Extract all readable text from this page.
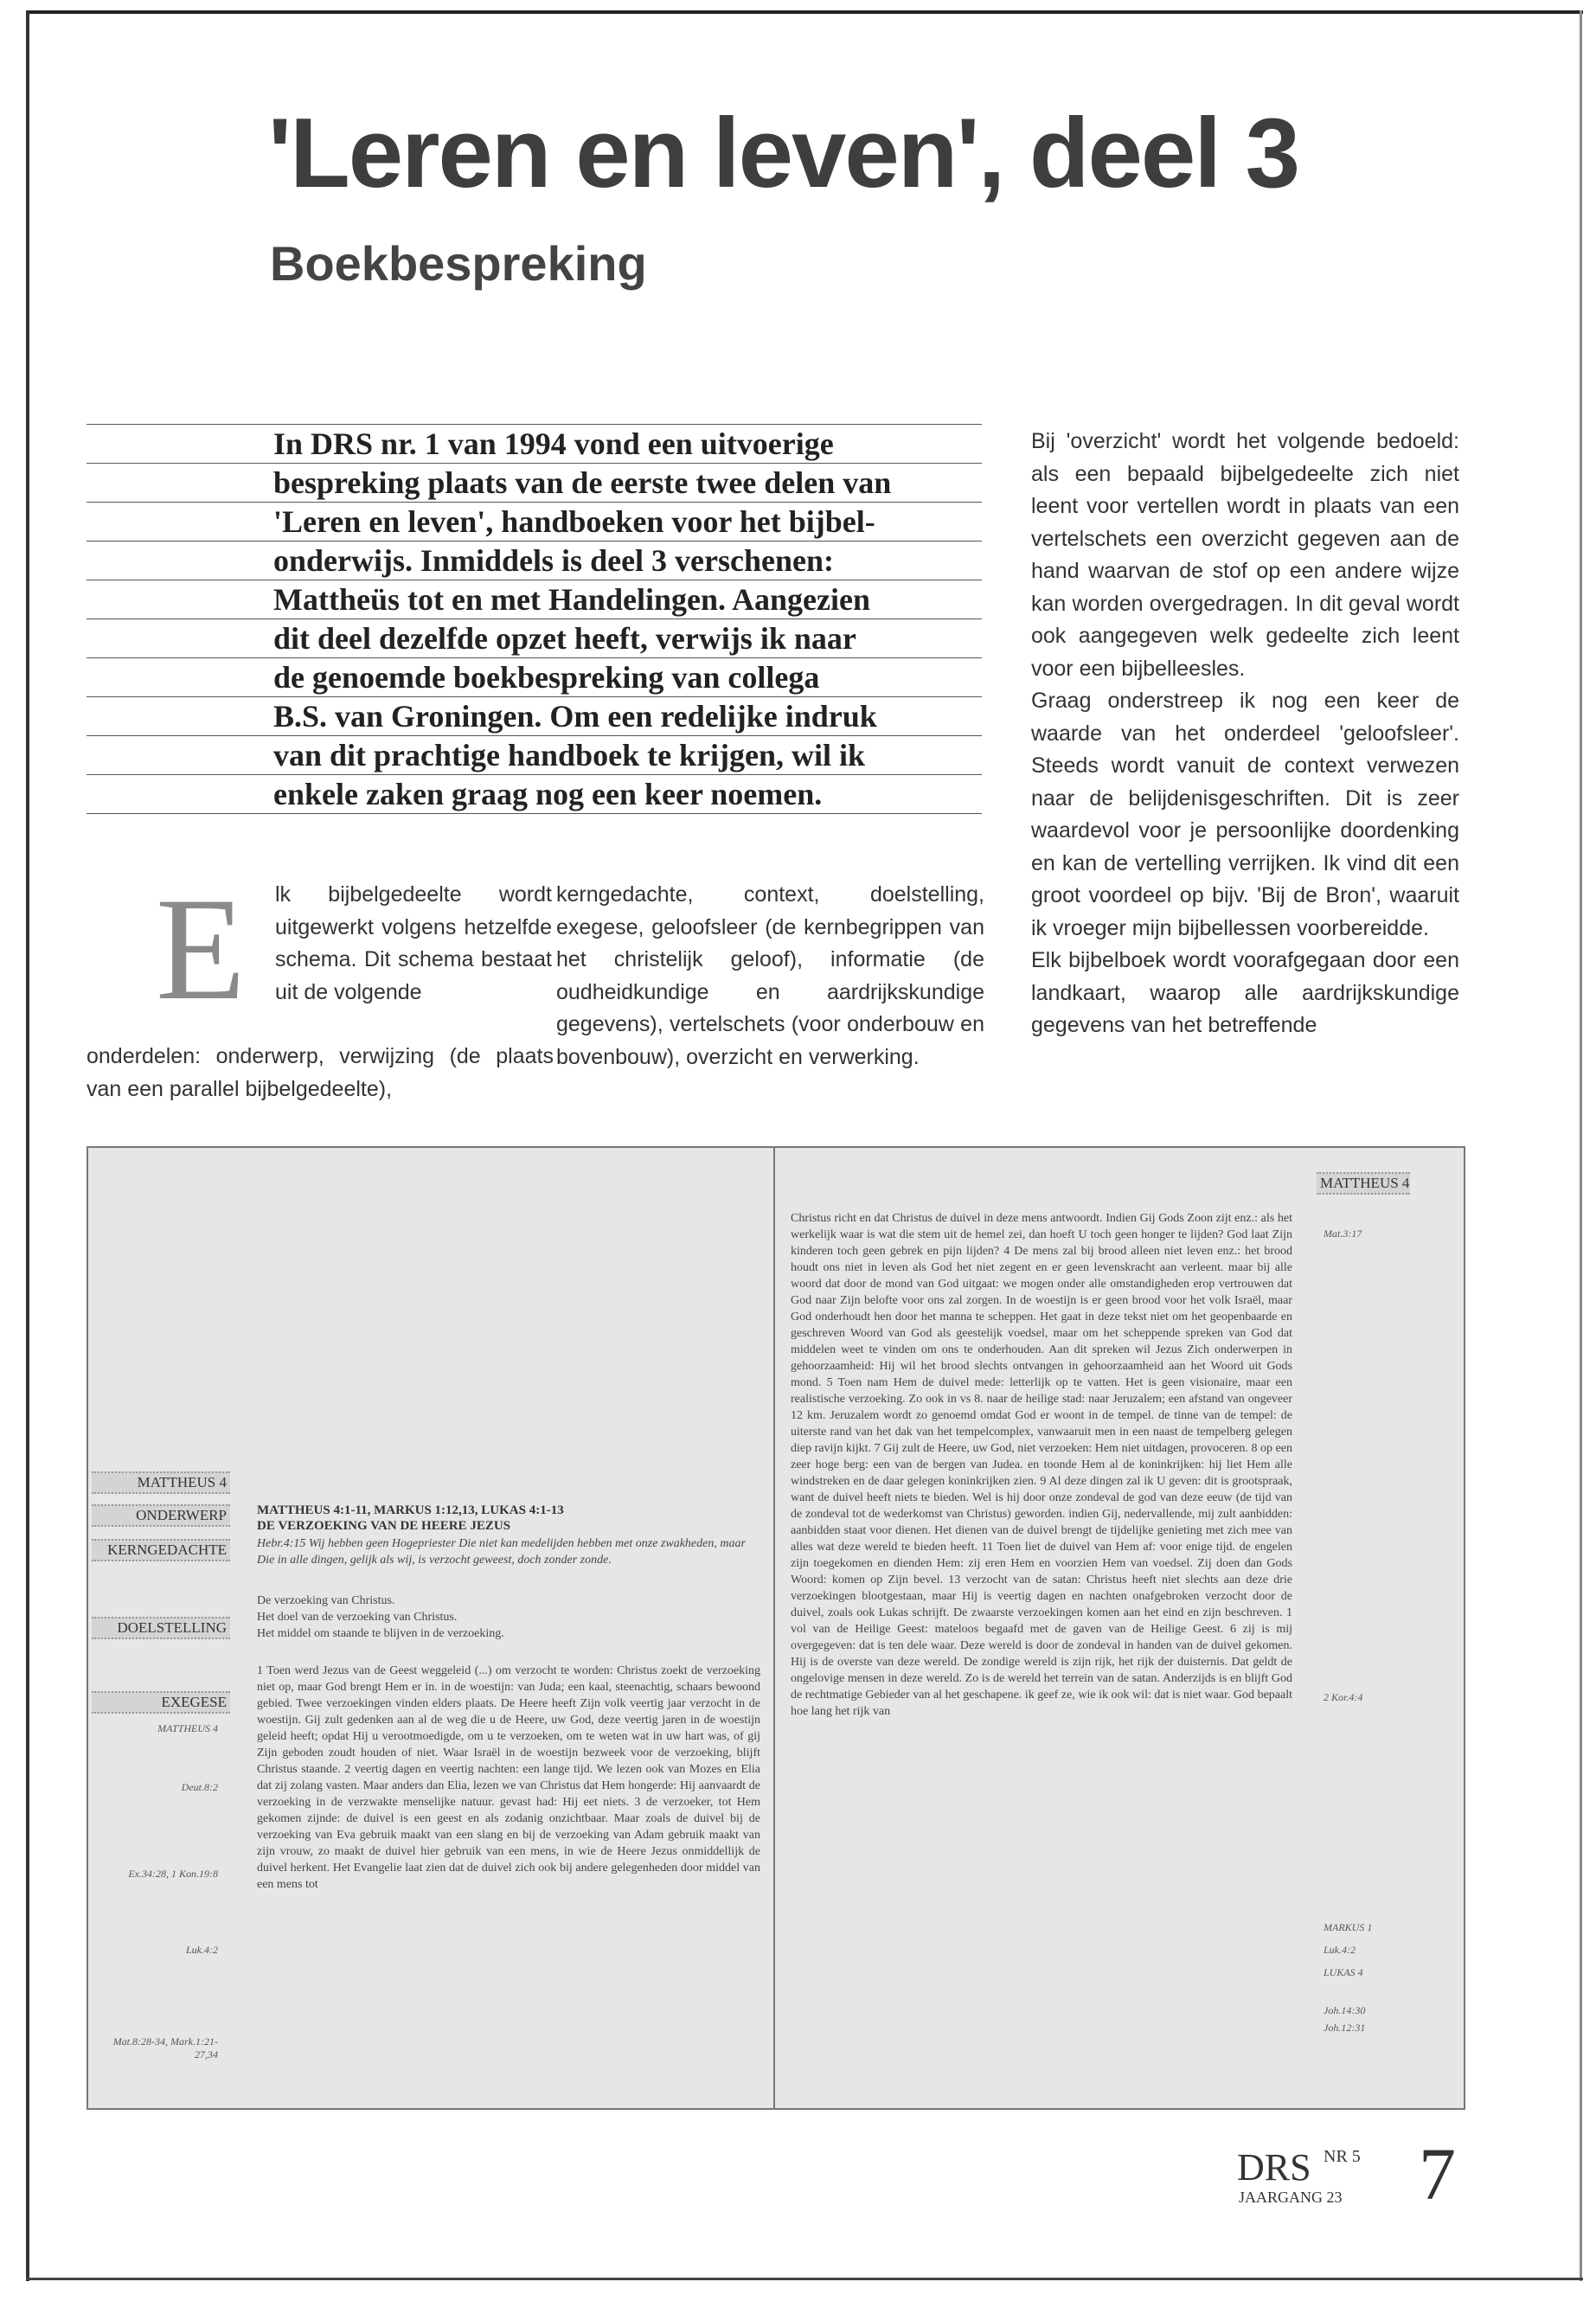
'Leren en leven', deel 3
Boekbespreking
In DRS nr. 1 van 1994 vond een uitvoerige
bespreking plaats van de eerste twee delen van
'Leren en leven', handboeken voor het bijbel-
onderwijs. Inmiddels is deel 3 verschenen:
Mattheüs tot en met Handelingen. Aangezien
dit deel dezelfde opzet heeft, verwijs ik naar
de genoemde boekbespreking van collega
B.S. van Groningen. Om een redelijke indruk
van dit prachtige handboek te krijgen, wil ik
enkele zaken graag nog een keer noemen.

E lk bijbelgedeelte wordt uitgewerkt volgens hetzelfde schema. Dit schema bestaat uit de volgende

onderdelen: onderwerp, verwijzing (de plaats van een parallel bijbelgedeelte),

kerngedachte, context, doelstelling, exegese, geloofsleer (de kernbegrippen van het christelijk geloof), informatie (de oudheidkundige en aardrijkskundige gegevens), vertelschets (voor onderbouw en bovenbouw), overzicht en verwerking.

Bij 'overzicht' wordt het volgende bedoeld: als een bepaald bijbelgedeelte zich niet leent voor vertellen wordt in plaats van een vertelschets een overzicht gegeven aan de hand waarvan de stof op een andere wijze kan worden overgedragen. In dit geval wordt ook aangegeven welk gedeelte zich leent voor een bijbelleesles.

Graag onderstreep ik nog een keer de waarde van het onderdeel 'geloofsleer'. Steeds wordt vanuit de context verwezen naar de belijdenisgeschriften. Dit is zeer waardevol voor je persoonlijke doordenking en kan de vertelling verrijken. Ik vind dit een groot voordeel op bijv. 'Bij de Bron', waaruit ik vroeger mijn bijbellessen voorbereidde.

Elk bijbelboek wordt voorafgegaan door een landkaart, waarop alle aardrijkskundige gegevens van het betreffende

MATTHEUS 4
ONDERWERP
KERNGEDACHTE
DOELSTELLING
EXEGESE
MATTHEUS 4
MATTHEUS 4:1-11, MARKUS 1:12,13, LUKAS 4:1-13
DE VERZOEKING VAN DE HEERE JEZUS

Hebr.4:15 Wij hebben geen Hogepriester Die niet kan medelijden hebben met onze zwakheden, maar Die in alle dingen, gelijk als wij, is verzocht geweest, doch zonder zonde.

De verzoeking van Christus.

Het doel van de verzoeking van Christus.

Het middel om staande te blijven in de verzoeking.

1 Toen werd Jezus van de Geest weggeleid (...) om verzocht te worden: Christus zoekt de verzoeking niet op, maar God brengt Hem er in. in de woestijn: van Juda; een kaal, steenachtig, schaars bewoond gebied. Twee verzoekingen vinden elders plaats. De Heere heeft Zijn volk veertig jaar verzocht in de woestijn. Gij zult gedenken aan al de weg die u de Heere, uw God, deze veertig jaren in de woestijn geleid heeft; opdat Hij u verootmoedigde, om u te verzoeken, om te weten wat in uw hart was, of gij Zijn geboden zoudt houden of niet. Waar Israël in de woestijn bezweek voor de verzoeking, blijft Christus staande. 2 veertig dagen en veertig nachten: een lange tijd. We lezen ook van Mozes en Elia dat zij zolang vasten. Maar anders dan Elia, lezen we van Christus dat Hem hongerde: Hij aanvaardt de verzoeking in de verzwakte menselijke natuur. gevast had: Hij eet niets. 3 de verzoeker, tot Hem gekomen zijnde: de duivel is een geest en als zodanig onzichtbaar. Maar zoals de duivel bij de verzoeking van Eva gebruik maakt van een slang en bij de verzoeking van Adam gebruik maakt van zijn vrouw, zo maakt de duivel hier gebruik van een mens, in wie de Heere Jezus onmiddellijk de duivel herkent. Het Evangelie laat zien dat de duivel zich ook bij andere gelegenheden door middel van een mens tot

MATTHEUS 4
Deut.8:2
Ex.34:28, 1 Kon.19:8
Luk.4:2
Mat.8:28-34, Mark.1:21-27,34

Christus richt en dat Christus de duivel in deze mens antwoordt. Indien Gij Gods Zoon zijt enz.: als het werkelijk waar is wat die stem uit de hemel zei, dan hoeft U toch geen honger te lijden? God laat Zijn kinderen toch geen gebrek en pijn lijden? 4 De mens zal bij brood alleen niet leven enz.: het brood houdt ons niet in leven als God het niet zegent en er geen levenskracht aan verleent. maar bij alle woord dat door de mond van God uitgaat: we mogen onder alle omstandigheden erop vertrouwen dat God naar Zijn belofte voor ons zal zorgen. In de woestijn is er geen brood voor het volk Israël, maar God onderhoudt hen door het manna te scheppen. Het gaat in deze tekst niet om het geopenbaarde en geschreven Woord van God als geestelijk voedsel, maar om het scheppende spreken van God dat middelen weet te vinden om ons te onderhouden. Aan dit spreken wil Jezus Zich onderwerpen in gehoorzaamheid: Hij wil het brood slechts ontvangen in gehoorzaamheid aan het Woord uit Gods mond. 5 Toen nam Hem de duivel mede: letterlijk op te vatten. Het is geen visionaire, maar een realistische verzoeking. Zo ook in vs 8. naar de heilige stad: naar Jeruzalem; een afstand van ongeveer 12 km. Jeruzalem wordt zo genoemd omdat God er woont in de tempel. de tinne van de tempel: de uiterste rand van het dak van het tempelcomplex, vanwaaruit men in een naast de tempelberg gelegen diep ravijn kijkt. 7 Gij zult de Heere, uw God, niet verzoeken: Hem niet uitdagen, provoceren. 8 op een zeer hoge berg: een van de bergen van Judea. en toonde Hem al de koninkrijken: hij liet Hem alle windstreken en de daar gelegen koninkrijken zien. 9 Al deze dingen zal ik U geven: dit is grootspraak, want de duivel heeft niets te bieden. Wel is hij door onze zondeval de god van deze eeuw (de tijd van de zondeval tot de wederkomst van Christus) geworden. indien Gij, nedervallende, mij zult aanbidden: aanbidden staat voor dienen. Het dienen van de duivel brengt de tijdelijke genieting met zich mee van alles wat deze wereld te bieden heeft. 11 Toen liet de duivel van Hem af: voor enige tijd. de engelen zijn toegekomen en dienden Hem: zij eren Hem en voorzien Hem van voedsel. Zij doen dan Gods Woord: komen op Zijn bevel. 13 verzocht van de satan: Christus heeft niet slechts aan deze drie verzoekingen blootgestaan, maar Hij is veertig dagen en nachten onafgebroken verzocht door de duivel, zoals ook Lukas schrijft. De zwaarste verzoekingen komen aan het eind en zijn beschreven. 1 vol van de Heilige Geest: mateloos begaafd met de gaven van de Heilige Geest. 6 zij is mij overgegeven: dat is ten dele waar. Deze wereld is door de zondeval in handen van de duivel gekomen. Hij is de overste van deze wereld. De zondige wereld is zijn rijk, het rijk der duisternis. Dat geldt de ongelovige mensen in deze wereld. Zo is de wereld het terrein van de satan. Anderzijds is en blijft God de rechtmatige Gebieder van al het geschapene. ik geef ze, wie ik ook wil: dat is niet waar. God bepaalt hoe lang het rijk van

Mat.3:17
2 Kor.4:4
MARKUS 1
Luk.4:2
LUKAS 4
Joh.14:30
Joh.12:31

DRS NR 5

JAARGANG 23 7
